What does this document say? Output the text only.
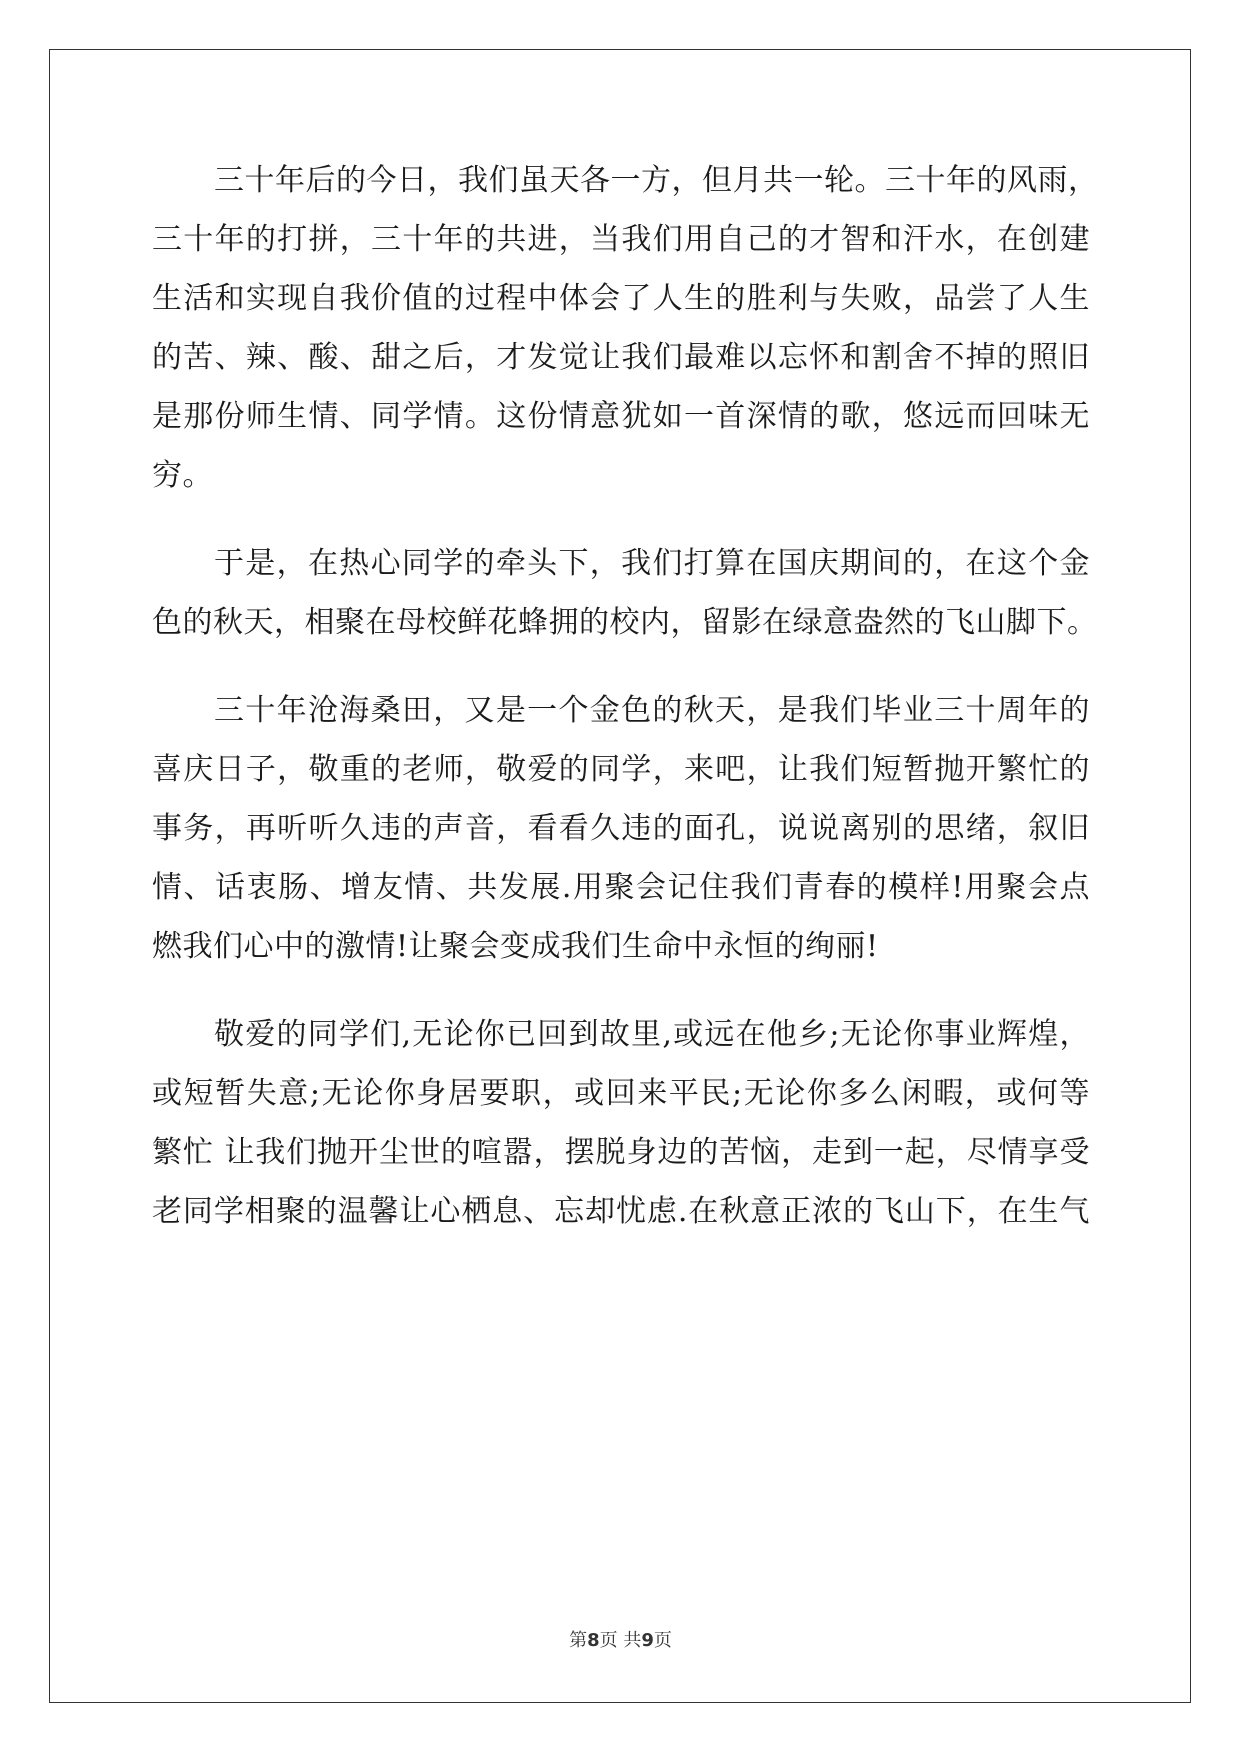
三十年后的今日，我们虽天各一方，但月共一轮。三十年的风雨，
三十年的打拼，三十年的共进，当我们用自己的才智和汗水，在创建
生活和实现自我价值的过程中体会了人生的胜利与失败，品尝了人生
的苦、辣、酸、甜之后，才发觉让我们最难以忘怀和割舍不掉的照旧
是那份师生情、同学情。这份情意犹如一首深情的歌，悠远而回味无
穷。
于是，在热心同学的牵头下，我们打算在国庆期间的，在这个金
色的秋天，相聚在母校鲜花蜂拥的校内，留影在绿意盎然的飞山脚下。
三十年沧海桑田，又是一个金色的秋天，是我们毕业三十周年的
喜庆日子，敬重的老师，敬爱的同学，来吧，让我们短暂抛开繁忙的
事务，再听听久违的声音，看看久违的面孔，说说离别的思绪，叙旧
情、话衷肠、增友情、共发展.用聚会记住我们青春的模样!用聚会点
燃我们心中的激情!让聚会变成我们生命中永恒的绚丽!
敬爱的同学们,无论你已回到故里,或远在他乡;无论你事业辉煌，
或短暂失意;无论你身居要职，或回来平民;无论你多么闲暇，或何等
繁忙 让我们抛开尘世的喧嚣，摆脱身边的苦恼，走到一起，尽情享受
老同学相聚的温馨让心栖息、忘却忧虑.在秋意正浓的飞山下，在生气
第8页 共9页
